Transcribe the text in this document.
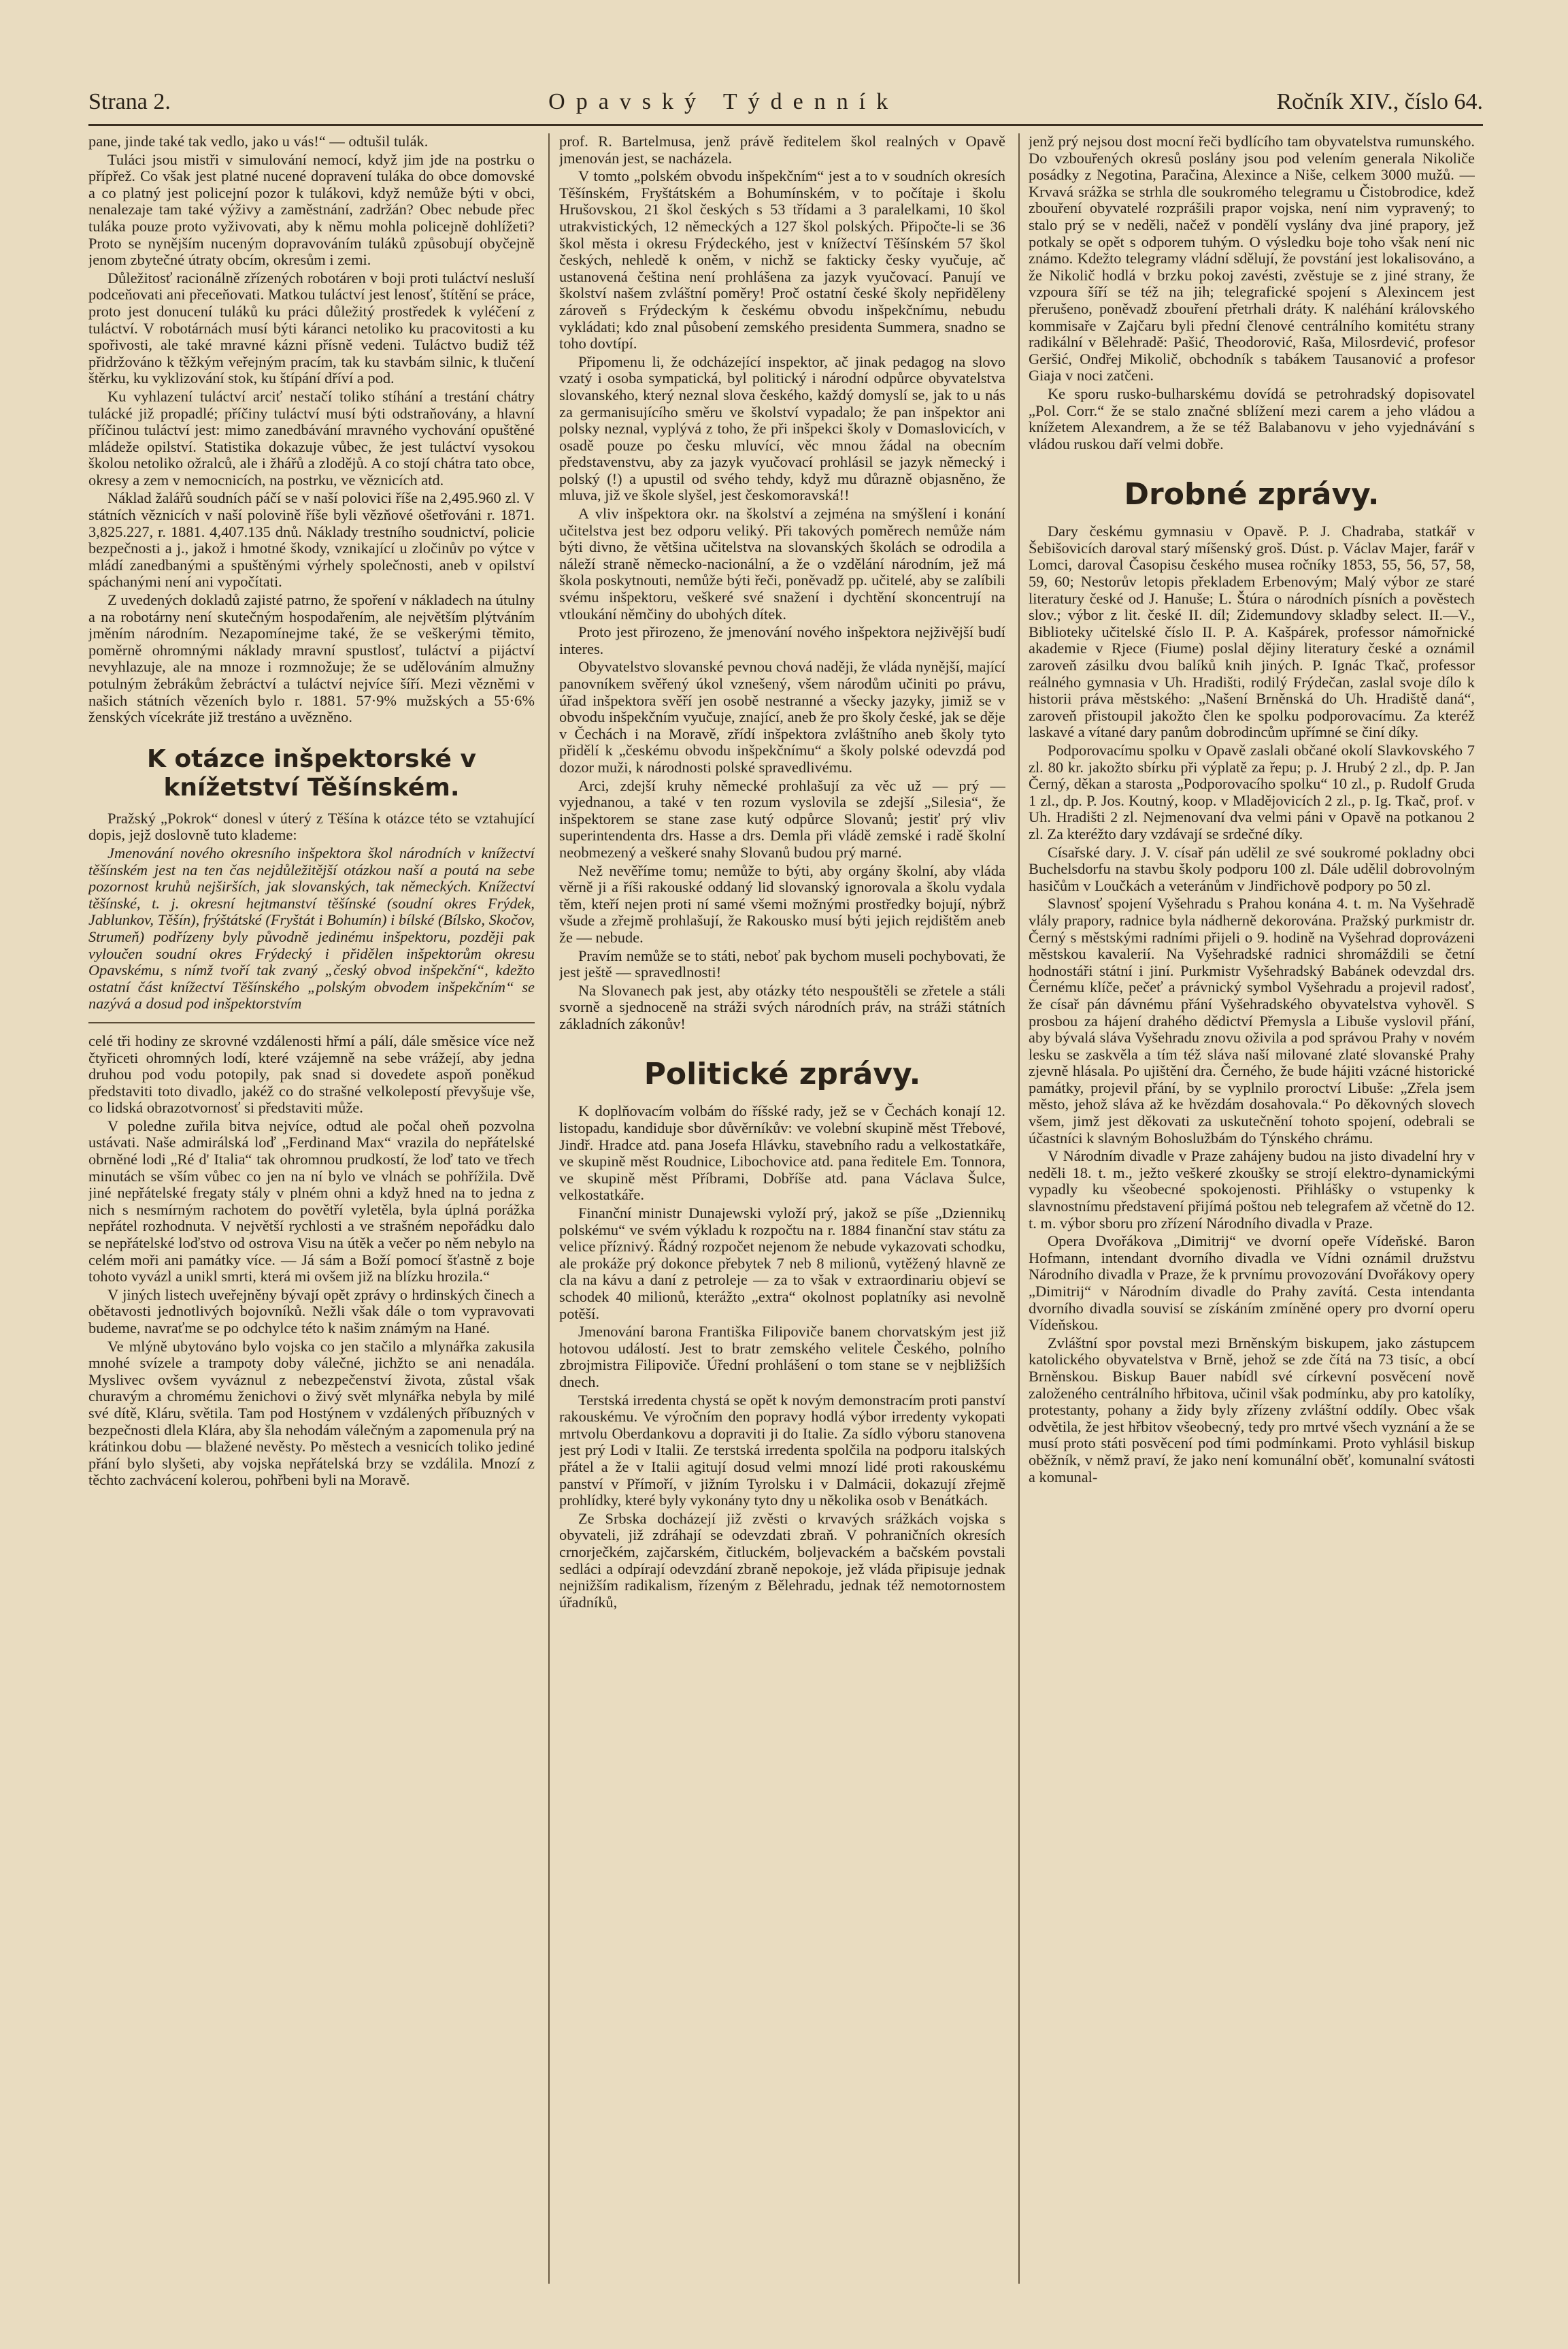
Strana 2.	Opavský Týdenník	Ročník XIV., číslo 64.

pane, jinde také tak vedlo, jako u vás!“ — odtušil tulák.

Tuláci jsou mistři v simulování nemocí, když jim jde na postrku o přípřež. Co však jest platné nucené dopravení tuláka do obce domovské a co platný jest policejní pozor k tulákovi, když nemůže býti v obci, nenalezaje tam také výživy a zaměstnání, zadržán? Obec nebude přec tuláka pouze proto vyživovati, aby k němu mohla policejně dohlížeti? Proto se nynějším nuceným dopravováním tuláků způsobují obyčejně jenom zbytečné útraty obcím, okresům i zemi.

Důležitosť racionálně zřízených robotáren v boji proti tuláctví nesluší podceňovati ani přeceňovati. Matkou tuláctví jest lenosť, štítění se práce, proto jest donucení tuláků ku práci důležitý prostředek k vyléčení z tuláctví. V robotárnách musí býti káranci netoliko ku pracovitosti a ku spořivosti, ale také mravné kázni přísně vedeni. Tuláctvo budiž též přidržováno k těžkým veřejným pracím, tak ku stavbám silnic, k tlučení štěrku, ku vyklizování stok, ku štípání dříví a pod.

Ku vyhlazení tuláctví arciť nestačí toliko stíhání a trestání chátry tulácké již propadlé; příčiny tuláctví musí býti odstraňovány, a hlavní příčinou tuláctví jest: mimo zanedbávání mravného vychování opuštěné mládeže opilství. Statistika dokazuje vůbec, že jest tuláctví vysokou školou netoliko ožralců, ale i žhářů a zlodějů. A co stojí chátra tato obce, okresy a zem v nemocnicích, na postrku, ve věznicích atd.

Náklad žalářů soudních páčí se v naší polovici říše na 2,495.960 zl. V státních věznicích v naší polovině říše byli vězňové ošetřováni r. 1871. 3,825.227, r. 1881. 4,407.135 dnů. Náklady trestního soudnictví, policie bezpečnosti a j., jakož i hmotné škody, vznikající u zločinův po výtce v mládí zanedbanými a spuštěnými výrhely společnosti, aneb v opilství spáchanými není ani vypočítati.

Z uvedených dokladů zajisté patrno, že spoření v nákladech na útulny a na robotárny není skutečným hospodařením, ale největším plýtváním jměním národním. Nezapomínejme také, že se veškerými těmito, poměrně ohromnými náklady mravní spustlosť, tuláctví a pijáctví nevyhlazuje, ale na mnoze i rozmnožuje; že se udělováním almužny potulným žebrákům žebráctví a tuláctví nejvíce šíří. Mezi vězněmi v našich státních vězeních bylo r. 1881. 57·9% mužských a 55·6% ženských vícekráte již trestáno a uvězněno.

K otázce inšpektorské v knížetství Těšínském.

Pražský „Pokrok“ donesl v úterý z Těšína k otázce této se vztahující dopis, jejž doslovně tuto klademe:

Jmenování nového okresního inšpektora škol národních v knížectví těšínském jest na ten čas nejdůležitější otázkou naší a poutá na sebe pozornost kruhů nejširších, jak slovanských, tak německých. Knížectví těšínské, t. j. okresní hejtmanství těšínské (soudní okres Frýdek, Jablunkov, Těšín), frýštátské (Fryštát i Bohumín) i bílské (Bílsko, Skočov, Strumeň) podřízeny byly původně jedinému inšpektoru, později pak vyloučen soudní okres Frýdecký i přidělen inšpektorům okresu Opavskému, s nímž tvoří tak zvaný „český obvod inšpekční“, kdežto ostatní část knížectví Těšínského „polským obvodem inšpekčním“ se nazývá a dosud pod inšpektorstvím

celé tři hodiny ze skrovné vzdálenosti hřmí a pálí, dále směsice více než čtyřiceti ohromných lodí, které vzájemně na sebe vrážejí, aby jedna druhou pod vodu potopily, pak snad si dovedete aspoň poněkud představiti toto divadlo, jakéž co do strašné velkolepostí převyšuje vše, co lidská obrazotvornosť si představiti může.

V poledne zuřila bitva nejvíce, odtud ale počal oheň pozvolna ustávati. Naše admirálská loď „Ferdinand Max“ vrazila do nepřátelské obrněné lodi „Ré d' Italia“ tak ohromnou prudkostí, že loď tato ve třech minutách se vším vůbec co jen na ní bylo ve vlnách se pohřížila. Dvě jiné nepřátelské fregaty stály v plném ohni a když hned na to jedna z nich s nesmírným rachotem do povětří vyletěla, byla úplná porážka nepřátel rozhodnuta. V největší rychlosti a ve strašném nepořádku dalo se nepřátelské loďstvo od ostrova Visu na útěk a večer po něm nebylo na celém moři ani památky více. — Já sám a Boží pomocí šťastně z boje tohoto vyvázl a unikl smrti, která mi ovšem již na blízku hrozila.“

V jiných listech uveřejněny bývají opět zprávy o hrdinských činech a obětavosti jednotlivých bojovníků. Nežli však dále o tom vypravovati budeme, navraťme se po odchylce této k našim známým na Hané.

Ve mlýně ubytováno bylo vojska co jen stačilo a mlynářka zakusila mnohé svízele a trampoty doby válečné, jichžto se ani nenadála. Myslivec ovšem vyváznul z nebezpečenství života, zůstal však churavým a chromému ženichovi o živý svět mlynářka nebyla by milé své dítě, Kláru, světila. Tam pod Hostýnem v vzdálených příbuzných v bezpečnosti dlela Klára, aby šla nehodám válečným a zapomenula prý na krátinkou dobu — blažené nevěsty. Po městech a vesnicích toliko jediné přání bylo slyšeti, aby vojska nepřátelská brzy se vzdálila. Mnozí z těchto zachvácení kolerou, pohřbeni byli na Moravě.

prof. R. Bartelmusa, jenž právě ředitelem škol realných v Opavě jmenován jest, se nacházela.

V tomto „polském obvodu inšpekčním“ jest a to v soudních okresích Těšínském, Fryštátském a Bohumínském, v to počítaje i školu Hrušovskou, 21 škol českých s 53 třídami a 3 paralelkami, 10 škol utrakvistických, 12 německých a 127 škol polských. Připočte-li se 36 škol města i okresu Frýdeckého, jest v knížectví Těšínském 57 škol českých, nehledě k oněm, v nichž se fakticky česky vyučuje, ač ustanovená čeština není prohlášena za jazyk vyučovací. Panují ve školství našem zvláštní poměry! Proč ostatní české školy nepřiděleny zároveň s Frýdeckým k českému obvodu inšpekčnímu, nebudu vykládati; kdo znal působení zemského presidenta Summera, snadno se toho dovtípí.

Připomenu li, že odcházející inspektor, ač jinak pedagog na slovo vzatý i osoba sympatická, byl politický i národní odpůrce obyvatelstva slovanského, který neznal slova českého, každý domyslí se, jak to u nás za germanisujícího směru ve školství vypadalo; že pan inšpektor ani polsky neznal, vyplývá z toho, že při inšpekci školy v Domaslovicích, v osadě pouze po česku mluvící, věc mnou žádal na obecním představenstvu, aby za jazyk vyučovací prohlásil se jazyk německý i polský (!) a upustil od svého tehdy, když mu důrazně objasněno, že mluva, již ve škole slyšel, jest českomoravská!!

A vliv inšpektora okr. na školství a zejména na smýšlení i konání učitelstva jest bez odporu veliký. Při takových poměrech nemůže nám býti divno, že většina učitelstva na slovanských školách se odrodila a náleží straně německo-nacionální, a že o vzdělání národním, jež má škola poskytnouti, nemůže býti řeči, poněvadž pp. učitelé, aby se zalíbili svému inšpektoru, veškeré své snažení i dychtění skoncentrují na vtloukání němčiny do ubohých dítek.

Proto jest přirozeno, že jmenování nového inšpektora nejživější budí interes.

Obyvatelstvo slovanské pevnou chová naději, že vláda nynější, mající panovníkem svěřený úkol vznešený, všem národům učiniti po právu, úřad inšpektora svěří jen osobě nestranné a všecky jazyky, jimiž se v obvodu inšpekčním vyučuje, znající, aneb že pro školy české, jak se děje v Čechách i na Moravě, zřídí inšpektora zvláštního aneb školy tyto přidělí k „českému obvodu inšpekčnímu“ a školy polské odevzdá pod dozor muži, k národnosti polské spravedlivému.

Arci, zdejší kruhy německé prohlašují za věc už — prý — vyjednanou, a také v ten rozum vyslovila se zdejší „Silesia“, že inšpektorem se stane zase kutý odpůrce Slovanů; jestiť prý vliv superintendenta drs. Hasse a drs. Demla při vládě zemské i radě školní neobmezený a veškeré snahy Slovanů budou prý marné.

Než nevěříme tomu; nemůže to býti, aby orgány školní, aby vláda věrně ji a říši rakouské oddaný lid slovanský ignorovala a školu vydala těm, kteří nejen proti ní samé všemi možnými prostředky bojují, nýbrž všude a zřejmě prohlašují, že Rakousko musí býti jejich rejdištěm aneb že — nebude.

Pravím nemůže se to státi, neboť pak bychom museli pochybovati, že jest ještě — spravedlnosti!

Na Slovanech pak jest, aby otázky této nespouštěli se zřetele a stáli svorně a sjednoceně na stráži svých národních práv, na stráži státních základních zákonův!

Politické zprávy.

K doplňovacím volbám do říšské rady, jež se v Čechách konají 12. listopadu, kandiduje sbor důvěrníkův: ve volební skupině měst Třebové, Jindř. Hradce atd. pana Josefa Hlávku, stavebního radu a velkostatkáře, ve skupině měst Roudnice, Libochovice atd. pana ředitele Em. Tonnora, ve skupině měst Příbrami, Dobříše atd. pana Václava Šulce, velkostatkáře.

Finanční ministr Dunajewski vyloží prý, jakož se píše „Dziennikų polskému“ ve svém výkladu k rozpočtu na r. 1884 finanční stav státu za velice příznivý. Řádný rozpočet nejenom že nebude vykazovati schodku, ale prokáže prý dokonce přebytek 7 neb 8 milionů, vytěžený hlavně ze cla na kávu a daní z petroleje — za to však v extraordinariu objeví se schodek 40 milionů, kterážto „extra“ okolnost poplatníky asi nevolně potěší.

Jmenování barona Františka Filipoviče banem chorvatským jest již hotovou událostí. Jest to bratr zemského velitele Českého, polního zbrojmistra Filipoviče. Úřední prohlášení o tom stane se v nejbližších dnech.

Terstská irredenta chystá se opět k novým demonstracím proti panství rakouskému. Ve výročním den popravy hodlá výbor irredenty vykopati mrtvolu Oberdankovu a dopraviti ji do Italie. Za sídlo výboru stanovena jest prý Lodi v Italii. Ze terstská irredenta spolčila na podporu italských přátel a že v Italii agitují dosud velmi mnozí lidé proti rakouskému panství v Přímoří, v jižním Tyrolsku i v Dalmácii, dokazují zřejmě prohlídky, které byly vykonány tyto dny u několika osob v Benátkách.

Ze Srbska docházejí již zvěsti o krvavých srážkách vojska s obyvateli, již zdráhají se odevzdati zbraň. V pohraničních okresích crnorječkém, zajčarském, čitluckém, boljevackém a bačském povstali sedláci a odpírají odevzdání zbraně nepokoje, jež vláda připisuje jednak nejnižším radikalism, řízeným z Bělehradu, jednak též nemotornostem úřadníků,

jenž prý nejsou dost mocní řeči bydlícího tam obyvatelstva rumunského. Do vzbouřených okresů poslány jsou pod velením generala Nikoliče posádky z Negotina, Paračina, Alexince a Niše, celkem 3000 mužů. — Krvavá srážka se strhla dle soukromého telegramu u Čistobrodice, kdež zbouření obyvatelé rozprášili prapor vojska, není nim vypravený; to stalo prý se v neděli, načež v pondělí vyslány dva jiné prapory, jež potkaly se opět s odporem tuhým. O výsledku boje toho však není nic známo. Kdežto telegramy vládní sdělují, že povstání jest lokalisováno, a že Nikolič hodlá v brzku pokoj zavésti, zvěstuje se z jiné strany, že vzpoura šíří se též na jih; telegrafické spojení s Alexincem jest přerušeno, poněvadž zbouření přetrhali dráty. K naléhání královského kommisaře v Zajčaru byli přední členové centrálního komitétu strany radikální v Bělehradě: Pašić, Theodorović, Raša, Milosrdević, profesor Geršić, Ondřej Mikolič, obchodník s tabákem Tausanović a profesor Giaja v noci zatčeni.

Ke sporu rusko-bulharskému dovídá se petrohradský dopisovatel „Pol. Corr.“ že se stalo značné sblížení mezi carem a jeho vládou a knížetem Alexandrem, a že se též Balabanovu v jeho vyjednávání s vládou ruskou daří velmi dobře.

Drobné zprávy.

Dary českému gymnasiu v Opavě. P. J. Chadraba, statkář v Šebišovicích daroval starý míšenský groš. Dúst. p. Václav Majer, farář v Lomci, daroval Časopisu českého musea ročníky 1853, 55, 56, 57, 58, 59, 60; Nestorův letopis překladem Erbenovým; Malý výbor ze staré literatury české od J. Hanuše; L. Štúra o národních písních a pověstech slov.; výbor z lit. české II. díl; Zidemundovy skladby select. II.—V., Biblioteky učitelské číslo II. P. A. Kašpárek, professor námořnické akademie v Rjece (Fiume) poslal dějiny literatury české a oznámil zaroveň zásilku dvou balíků knih jiných. P. Ignác Tkač, professor reálného gymnasia v Uh. Hradišti, rodilý Frýdečan, zaslal svoje dílo k historii práva městského: „Našení Brněnská do Uh. Hradiště daná“, zaroveň přistoupil jakožto člen ke spolku podporovacímu. Za kteréž laskavé a vítané dary panům dobrodincům upřímné se činí díky.

Podporovacímu spolku v Opavě zaslali občané okolí Slavkovského 7 zl. 80 kr. jakožto sbírku při výplatě za řepu; p. J. Hrubý 2 zl., dp. P. Jan Černý, děkan a starosta „Podporovacího spolku“ 10 zl., p. Rudolf Gruda 1 zl., dp. P. Jos. Koutný, koop. v Mladějovicích 2 zl., p. Ig. Tkač, prof. v Uh. Hradišti 2 zl. Nejmenovaní dva velmi páni v Opavě na potkanou 2 zl. Za kteréžto dary vzdávají se srdečné díky.

Císařské dary. J. V. císař pán udělil ze své soukromé pokladny obci Buchelsdorfu na stavbu školy podporu 100 zl. Dále udělil dobrovolným hasičům v Loučkách a veteránům v Jindřichově podpory po 50 zl.

Slavnosť spojení Vyšehradu s Prahou konána 4. t. m. Na Vyšehradě vlály prapory, radnice byla nádherně dekorována. Pražský purkmistr dr. Černý s městskými radními přijeli o 9. hodině na Vyšehrad doprovázeni městskou kavalerií. Na Vyšehradské radnici shromáždili se četní hodnostáři státní i jiní. Purkmistr Vyšehradský Babánek odevzdal drs. Černému klíče, pečeť a právnický symbol Vyšehradu a projevil radosť, že císař pán dávnému přání Vyšehradského obyvatelstva vyhověl. S prosbou za hájení drahého dědictví Přemysla a Libuše vyslovil přání, aby bývalá sláva Vyšehradu znovu oživila a pod správou Prahy v novém lesku se zaskvěla a tím též sláva naší milované zlaté slovanské Prahy zjevně hlásala. Po ujištění dra. Černého, že bude hájiti vzácné historické památky, projevil přání, by se vyplnilo proroctví Libuše: „Zřela jsem město, jehož sláva až ke hvězdám dosahovala.“ Po děkovných slovech všem, jimž jest děkovati za uskutečnění tohoto spojení, odebrali se účastníci k slavným Bohoslužbám do Týnského chrámu.

V Národním divadle v Praze zahájeny budou na jisto divadelní hry v neděli 18. t. m., ježto veškeré zkoušky se strojí elektro-dynamickými vypadly ku všeobecné spokojenosti. Přihlášky o vstupenky k slavnostnímu představení přijímá poštou neb telegrafem až včetně do 12. t. m. výbor sboru pro zřízení Národního divadla v Praze.

Opera Dvořákova „Dimitrij“ ve dvorní opeře Vídeňské. Baron Hofmann, intendant dvorního divadla ve Vídni oznámil družstvu Národního divadla v Praze, že k prvnímu provozování Dvořákovy opery „Dimitrij“ v Národním divadle do Prahy zavítá. Cesta intendanta dvorního divadla souvisí se získáním zmíněné opery pro dvorní operu Vídeňskou.

Zvláštní spor povstal mezi Brněnským biskupem, jako zástupcem katolického obyvatelstva v Brně, jehož se zde čítá na 73 tisíc, a obcí Brněnskou. Biskup Bauer nabídl své církevní posvěcení nově založeného centrálního hřbitova, učinil však podmínku, aby pro katolíky, protestanty, pohany a židy byly zřízeny zvláštní oddíly. Obec však odvětila, že jest hřbitov všeobecný, tedy pro mrtvé všech vyznání a že se musí proto státi posvěcení pod tími podmínkami. Proto vyhlásil biskup oběžník, v němž praví, že jako není komunální oběť, komunalní svátosti a komunal-
